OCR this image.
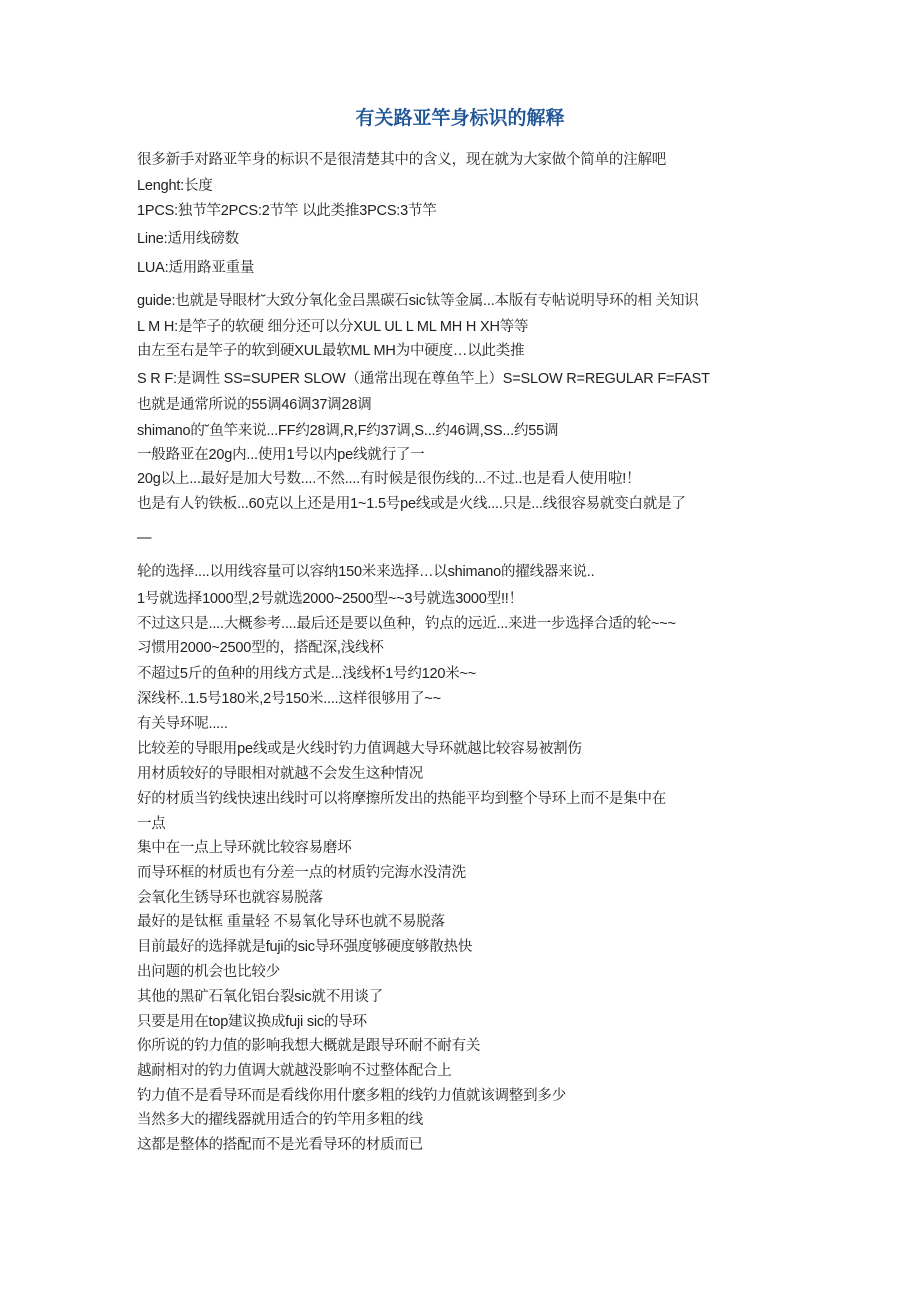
有关路亚竿身标识的解释
很多新手对路亚竿身的标识不是很清楚其中的含义，现在就为大家做个简单的注解吧
Lenght:长度
1PCS:独节竿2PCS:2节竿 以此类推3PCS:3节竿
Line:适用线磅数
LUA:适用路亚重量
guide:也就是导眼材˘大致分氧化金吕黑碳石sic钛等金属...本版有专帖说明导环的相 关知识
L M H:是竿子的软硬 细分还可以分XUL UL L ML MH H XH等等
由左至右是竿子的软到硬XUL最软ML MH为中硬度…以此类推
S R F:是调性 SS=SUPER SLOW（通常出现在尊鱼竿上）S=SLOW R=REGULAR F=FAST
也就是通常所说的55调46调37调28调
shimano的˘鱼竿来说...FF约28调,R,F约37调,S...约46调,SS...约55调
一般路亚在20g内...使用1号以内pe线就行了一
20g以上...最好是加大号数....不然....有时候是很伤线的...不过..也是看人使用啦!！
也是有人钓铁板...60克以上还是用1~1.5号pe线或是火线....只是...线很容易就变白就是了
—
轮的选择....以用线容量可以容纳150米来选择…以shimano的擢线器来说..
1号就选择1000型,2号就选2000~2500型~~3号就选3000型!!！
不过这只是....大概参考....最后还是要以鱼种，钓点的远近...来进一步选择合适的轮~~~
习惯用2000~2500型的，搭配深,浅线杯
不超过5斤的鱼种的用线方式是...浅线杯1号约120米~~
深线杯..1.5号180米,2号150米....这样很够用了~~
有关导环呢.....
比较差的导眼用pe线或是火线时钓力值调越大导环就越比较容易被割伤
用材质较好的导眼相对就越不会发生这种情况
好的材质当钓线快速出线时可以将摩擦所发出的热能平均到整个导环上而不是集中在
一点
集中在一点上导环就比较容易磨坏
而导环框的材质也有分差一点的材质钓完海水没清洗
会氧化生锈导环也就容易脱落
最好的是钛框 重量轻 不易氧化导环也就不易脱落
目前最好的选择就是fuji的sic导环强度够硬度够散热快
出问题的机会也比较少
其他的黑矿石氧化铝台裂sic就不用谈了
只要是用在top建议换成fuji sic的导环
你所说的钓力值的影响我想大概就是跟导环耐不耐有关
越耐相对的钓力值调大就越没影响不过整体配合上
钓力值不是看导环而是看线你用什麽多粗的线钓力值就该调整到多少
当然多大的擢线器就用适合的钓竿用多粗的线
这都是整体的搭配而不是光看导环的材质而已
